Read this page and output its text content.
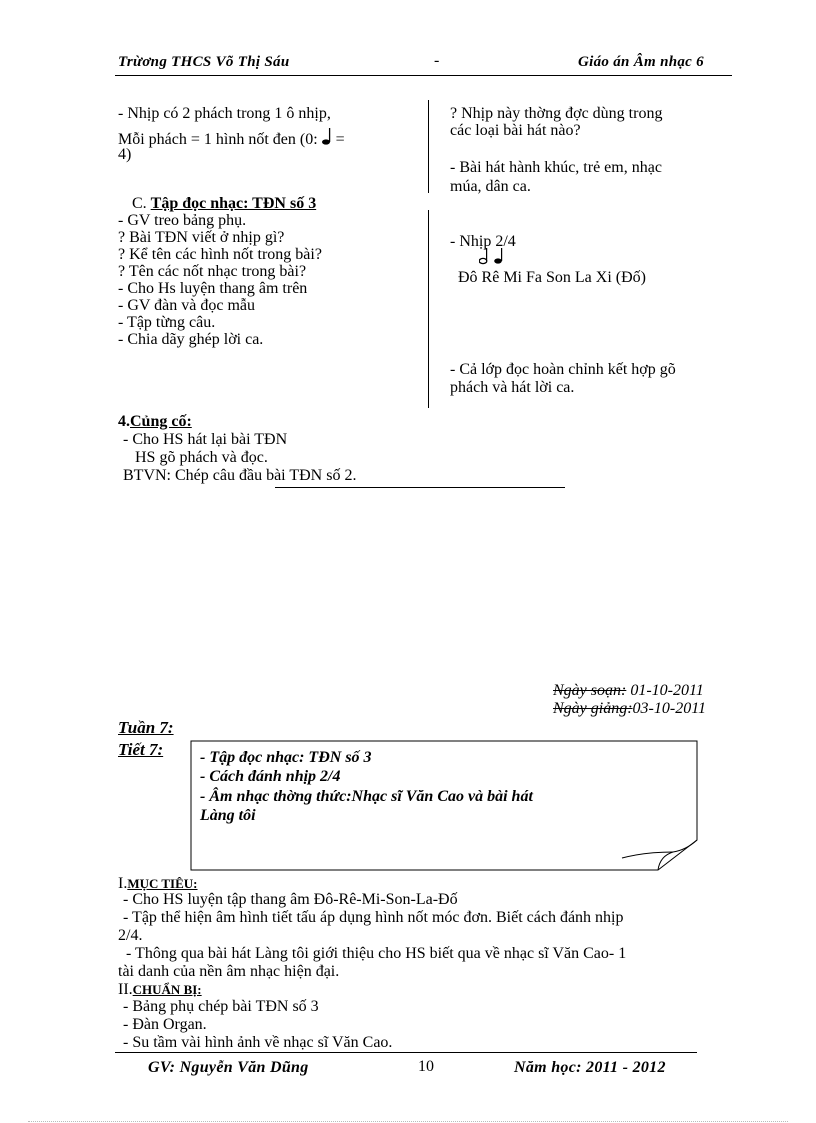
Trừơng THCS Võ Thị Sáu	-	Giáo án Âm nhạc 6
- Nhịp có 2 phách trong 1 ô nhịp,
Mỗi phách = 1 hình nốt đen (0: =
4)
? Nhịp này thờng đợc dùng trong
các loại bài hát nào?
- Bài hát hành khúc, trẻ em, nhạc
múa, dân ca.
C. Tập đọc nhạc: TĐN số 3
- GV treo bảng phụ.
? Bài TĐN viết ở nhịp gì?
? Kể tên các hình nốt trong bài?
? Tên các nốt nhạc trong bài?
- Cho Hs luyện thang âm trên
- GV đàn và đọc mẫu
- Tập từng câu.
- Chia dãy ghép lời ca.
- Nhịp 2/4
Đô Rê Mi Fa Son La Xi (Đố)
- Cả lớp đọc hoàn chỉnh kết hợp gõ
phách và hát lời ca.
4.Củng cố:
- Cho HS hát lại bài TĐN
HS gõ phách và đọc.
BTVN: Chép câu đầu bài TĐN số 2.
Ngày soạn: 01-10-2011
Ngày giảng:03-10-2011
Tuần 7:
Tiết 7: - Tập đọc nhạc: TĐN số 3
- Cách đánh nhịp 2/4
- Âm nhạc thờng thức:Nhạc sĩ Văn Cao và bài hát
Làng tôi
I.MỤC TIÊU:
- Cho HS luyện tập thang âm Đô-Rê-Mi-Son-La-Đố
- Tập thể hiện âm hình tiết tấu áp dụng hình nốt móc đơn. Biết cách đánh nhịp
2/4.
- Thông qua bài hát Làng tôi giới thiệu cho HS biết qua về nhạc sĩ Văn Cao- 1
tài danh của nền âm nhạc hiện đại.
II.CHUẨN BỊ:
- Bảng phụ chép bài TĐN số 3
- Đàn Organ.
- Su tầm vài hình ảnh về nhạc sĩ Văn Cao.
GV: Nguyễn Văn Dũng	10	Năm học: 2011 - 2012
